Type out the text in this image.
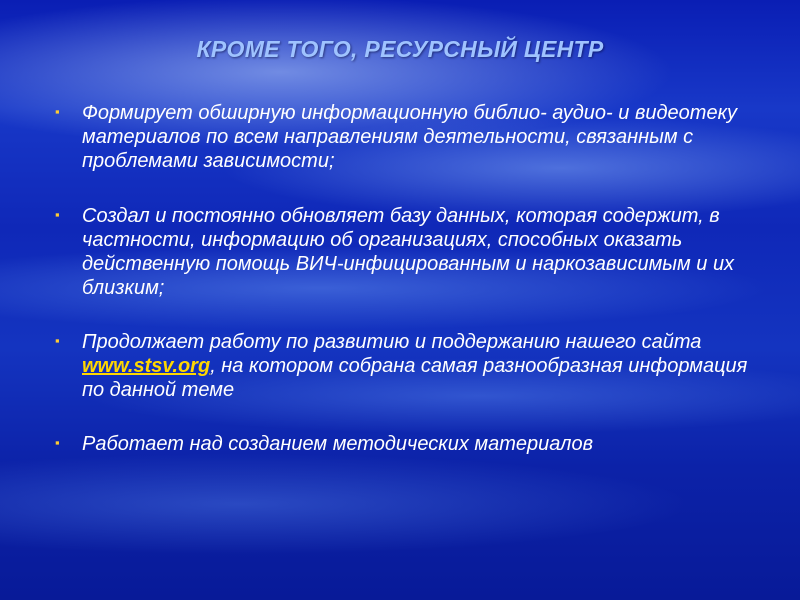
КРОМЕ ТОГО, РЕСУРСНЫЙ ЦЕНТР
▪ Формирует обширную информационную библио- аудио- и видеотеку материалов по всем направлениям деятельности, связанным с проблемами зависимости;
▪ Создал и постоянно обновляет базу данных, которая содержит, в частности, информацию об организациях, способных оказать действенную помощь ВИЧ-инфицированным и наркозависимым и их близким;
▪ Продолжает работу по развитию и поддержанию нашего сайта www.stsv.org, на котором собрана самая разнообразная информация по данной теме
▪ Работает над созданием методических материалов
